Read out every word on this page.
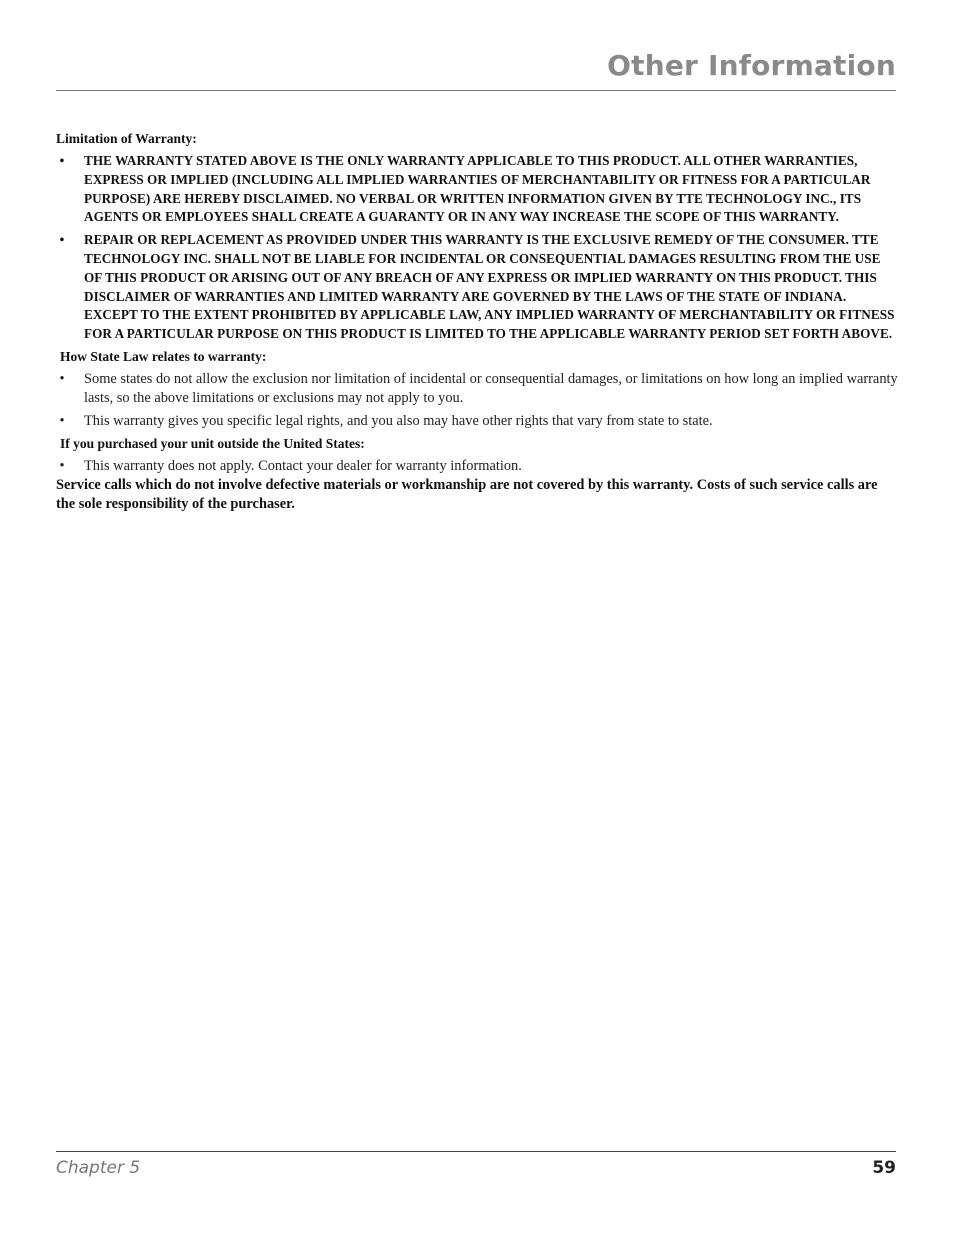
Other Information
Limitation of Warranty:
• THE WARRANTY STATED ABOVE IS THE ONLY WARRANTY APPLICABLE TO THIS PRODUCT. ALL OTHER WARRANTIES, EXPRESS OR IMPLIED (INCLUDING ALL IMPLIED WARRANTIES OF MERCHANTABILITY OR FITNESS FOR A PARTICULAR PURPOSE) ARE HEREBY DISCLAIMED. NO VERBAL OR WRITTEN INFORMATION GIVEN BY TTE TECHNOLOGY INC., ITS AGENTS OR EMPLOYEES SHALL CREATE A GUARANTY OR IN ANY WAY INCREASE THE SCOPE OF THIS WARRANTY.
• REPAIR OR REPLACEMENT AS PROVIDED UNDER THIS WARRANTY IS THE EXCLUSIVE REMEDY OF THE CONSUMER. TTE TECHNOLOGY INC. SHALL NOT BE LIABLE FOR INCIDENTAL OR CONSEQUENTIAL DAMAGES RESULTING FROM THE USE OF THIS PRODUCT OR ARISING OUT OF ANY BREACH OF ANY EXPRESS OR IMPLIED WARRANTY ON THIS PRODUCT. THIS DISCLAIMER OF WARRANTIES AND LIMITED WARRANTY ARE GOVERNED BY THE LAWS OF THE STATE OF INDIANA. EXCEPT TO THE EXTENT PROHIBITED BY APPLICABLE LAW, ANY IMPLIED WARRANTY OF MERCHANTABILITY OR FITNESS FOR A PARTICULAR PURPOSE ON THIS PRODUCT IS LIMITED TO THE APPLICABLE WARRANTY PERIOD SET FORTH ABOVE.
How State Law relates to warranty:
• Some states do not allow the exclusion nor limitation of incidental or consequential damages, or limitations on how long an implied warranty lasts, so the above limitations or exclusions may not apply to you.
• This warranty gives you specific legal rights, and you also may have other rights that vary from state to state.
If you purchased your unit outside the United States:
• This warranty does not apply. Contact your dealer for warranty information.

Service calls which do not involve defective materials or workmanship are not covered by this warranty. Costs of such service calls are the sole responsibility of the purchaser.

Chapter 5	59
